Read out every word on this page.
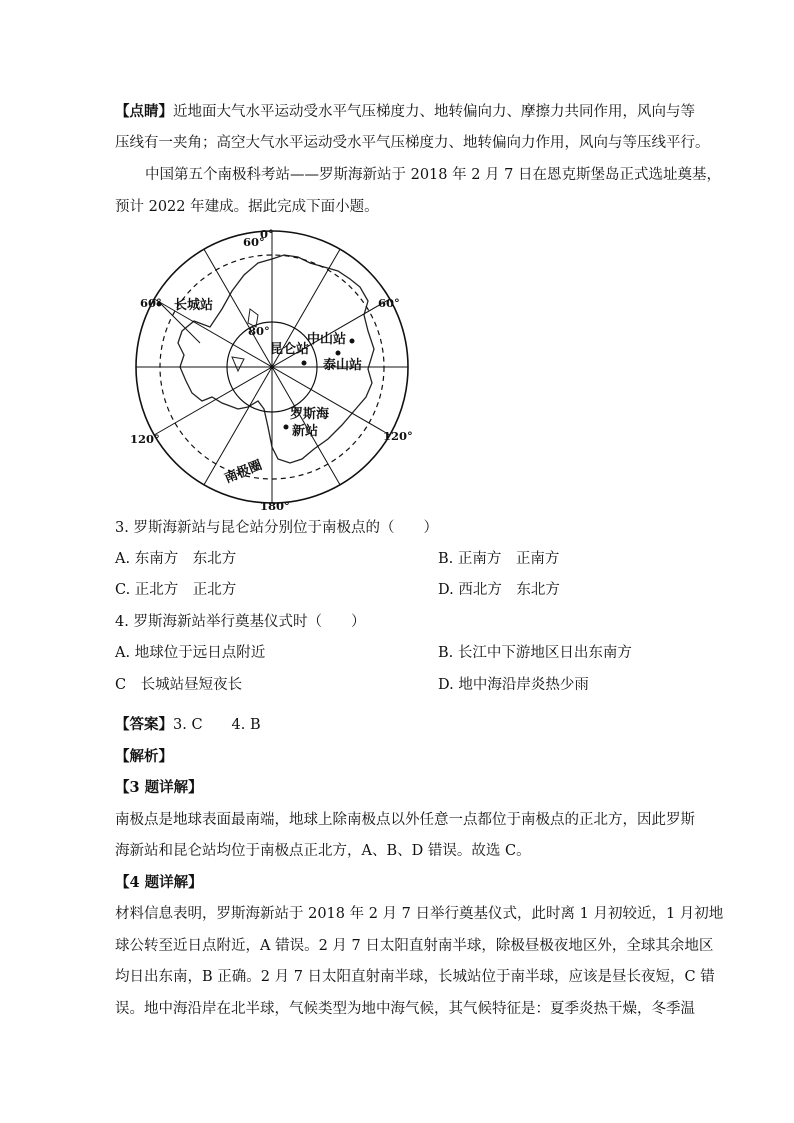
【点睛】近地面大气水平运动受水平气压梯度力、地转偏向力、摩擦力共同作用，风向与等
压线有一夹角；高空大气水平运动受水平气压梯度力、地转偏向力作用，风向与等压线平行。
中国第五个南极科考站——罗斯海新站于 2018 年 2 月 7 日在恩克斯堡岛正式选址奠基，
预计 2022 年建成。据此完成下面小题。
0°
60°
60°	60°
80°
120°	120°
180°
长城站
昆仑站
中山站
泰山站
罗斯海
新站
南极圈
3. 罗斯海新站与昆仑站分别位于南极点的（　　）
A. 东南方　东北方	B. 正南方　正南方
C. 正北方　正北方	D. 西北方　东北方
4. 罗斯海新站举行奠基仪式时（　　）
A. 地球位于远日点附近	B. 长江中下游地区日出东南方
C　长城站昼短夜长	D. 地中海沿岸炎热少雨
【答案】3. C　　4. B
【解析】
【3 题详解】
南极点是地球表面最南端，地球上除南极点以外任意一点都位于南极点的正北方，因此罗斯
海新站和昆仑站均位于南极点正北方，A、B、D 错误。故选 C。
【4 题详解】
材料信息表明，罗斯海新站于 2018 年 2 月 7 日举行奠基仪式，此时离 1 月初较近，1 月初地
球公转至近日点附近，A 错误。2 月 7 日太阳直射南半球，除极昼极夜地区外，全球其余地区
均日出东南，B 正确。2 月 7 日太阳直射南半球，长城站位于南半球，应该是昼长夜短，C 错
误。地中海沿岸在北半球，气候类型为地中海气候，其气候特征是：夏季炎热干燥，冬季温
